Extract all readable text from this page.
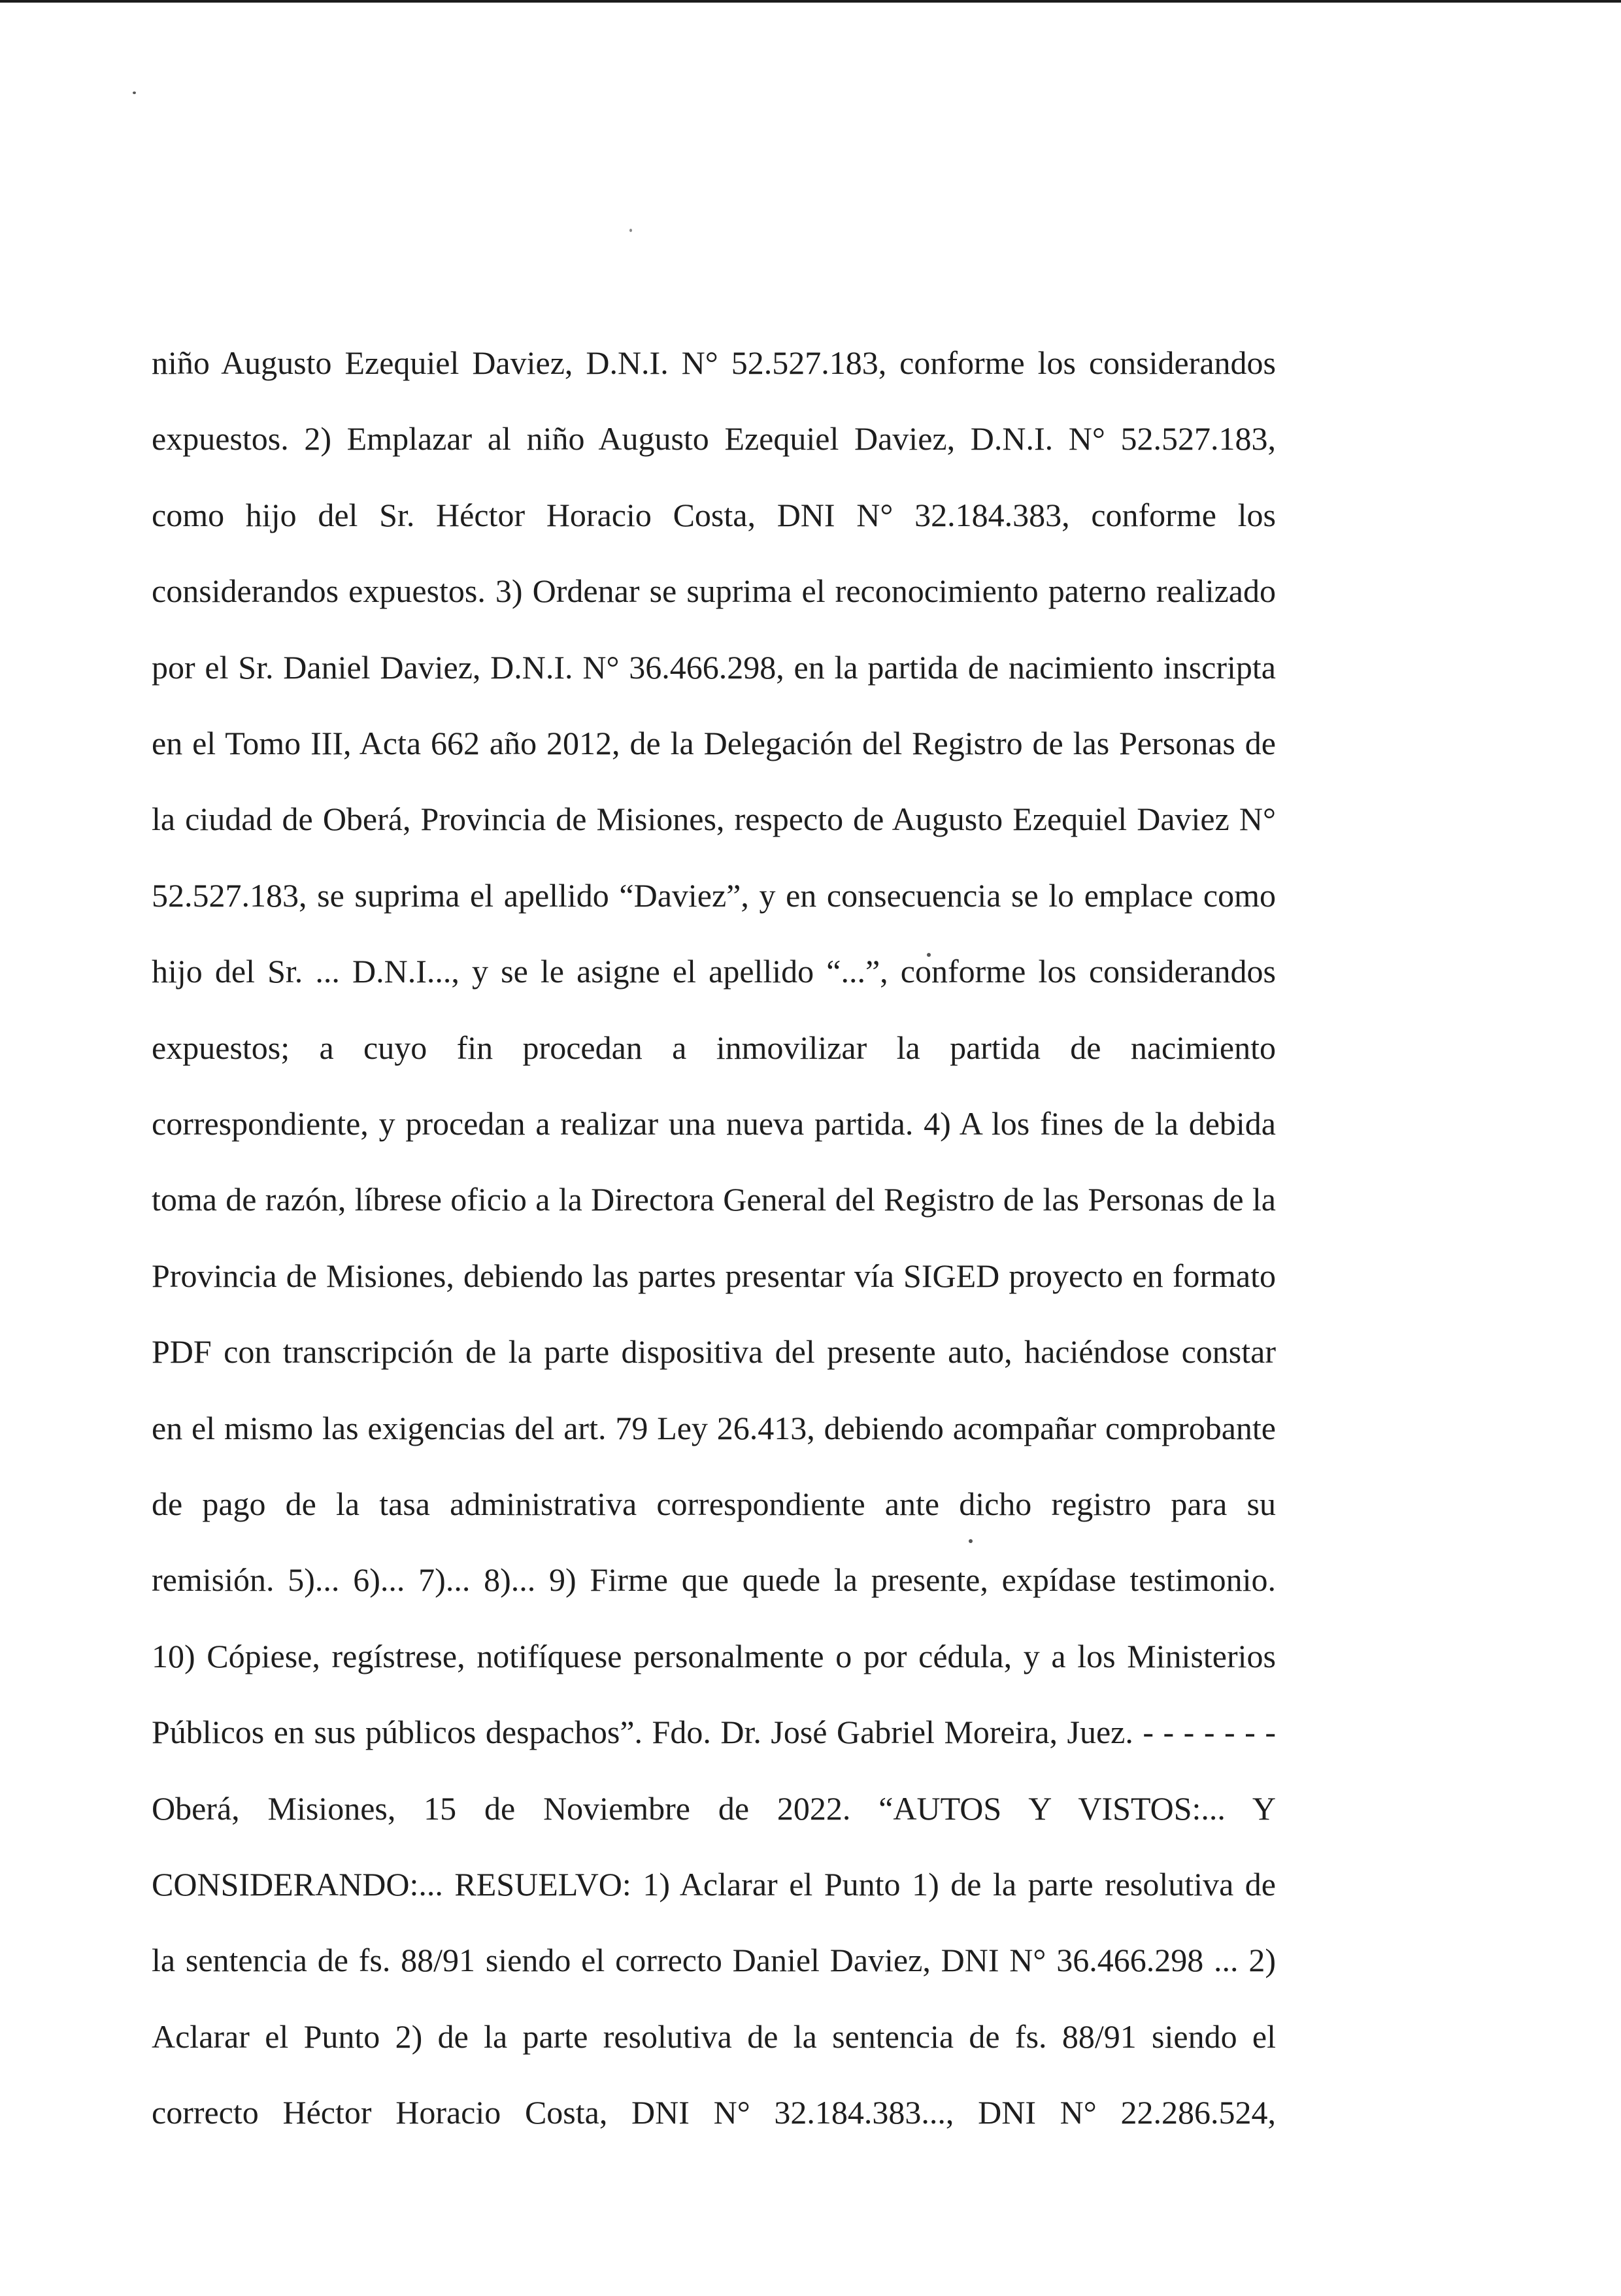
niño Augusto Ezequiel Daviez, D.N.I. N° 52.527.183, conforme los considerandos
expuestos. 2) Emplazar al niño Augusto Ezequiel Daviez, D.N.I. N° 52.527.183,
como hijo del Sr. Héctor Horacio Costa, DNI N° 32.184.383, conforme los
considerandos expuestos. 3) Ordenar se suprima el reconocimiento paterno realizado
por el Sr. Daniel Daviez, D.N.I. N° 36.466.298, en la partida de nacimiento inscripta
en el Tomo III, Acta 662 año 2012, de la Delegación del Registro de las Personas de
la ciudad de Oberá, Provincia de Misiones, respecto de Augusto Ezequiel Daviez N°
52.527.183, se suprima el apellido “Daviez”, y en consecuencia se lo emplace como
hijo del Sr. ... D.N.I..., y se le asigne el apellido “...”, conforme los considerandos
expuestos; a cuyo fin procedan a inmovilizar la partida de nacimiento
correspondiente, y procedan a realizar una nueva partida. 4) A los fines de la debida
toma de razón, líbrese oficio a la Directora General del Registro de las Personas de la
Provincia de Misiones, debiendo las partes presentar vía SIGED proyecto en formato
PDF con transcripción de la parte dispositiva del presente auto, haciéndose constar
en el mismo las exigencias del art. 79 Ley 26.413, debiendo acompañar comprobante
de pago de la tasa administrativa correspondiente ante dicho registro para su
remisión. 5)... 6)... 7)... 8)... 9) Firme que quede la presente, expídase testimonio.
10) Cópiese, regístrese, notifíquese personalmente o por cédula, y a los Ministerios
Públicos en sus públicos despachos”. Fdo. Dr. José Gabriel Moreira, Juez. - - - - - - -
Oberá, Misiones, 15 de Noviembre de 2022. “AUTOS Y VISTOS:... Y
CONSIDERANDO:... RESUELVO: 1) Aclarar el Punto 1) de la parte resolutiva de
la sentencia de fs. 88/91 siendo el correcto Daniel Daviez, DNI N° 36.466.298 ... 2)
Aclarar el Punto 2) de la parte resolutiva de la sentencia de fs. 88/91 siendo el
correcto Héctor Horacio Costa, DNI N° 32.184.383..., DNI N° 22.286.524,
